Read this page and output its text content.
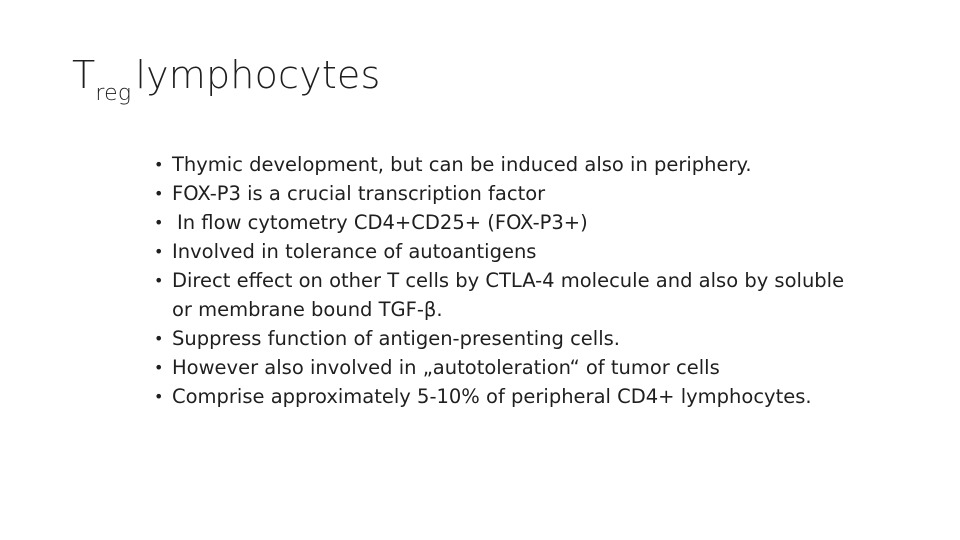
$T_{reg}$ lymphocytes
• Thymic development, but can be induced also in periphery.
• FOX-P3 is a crucial transcription factor
• In flow cytometry CD4+CD25+ (FOX-P3+)
• Involved in tolerance of autoantigens
• Direct effect on other T cells by CTLA-4 molecule and also by soluble or membrane bound TGF-β.
• Suppress function of antigen-presenting cells.
• However also involved in „autotoleration“ of tumor cells
• Comprise approximately 5-10% of peripheral CD4+ lymphocytes.
